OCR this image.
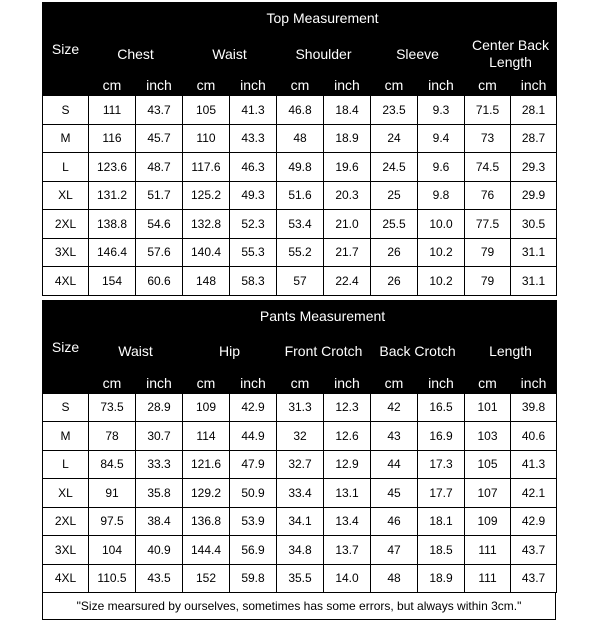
Size	Top Measurement									
	Chest		Waist		Shoulder		Sleeve		Center Back Length	
	cm	inch	cm	inch	cm	inch	cm	inch	cm	inch
S	111	43.7	105	41.3	46.8	18.4	23.5	9.3	71.5	28.1
M	116	45.7	110	43.3	48	18.9	24	9.4	73	28.7
L	123.6	48.7	117.6	46.3	49.8	19.6	24.5	9.6	74.5	29.3
XL	131.2	51.7	125.2	49.3	51.6	20.3	25	9.8	76	29.9
2XL	138.8	54.6	132.8	52.3	53.4	21.0	25.5	10.0	77.5	30.5
3XL	146.4	57.6	140.4	55.3	55.2	21.7	26	10.2	79	31.1
4XL	154	60.6	148	58.3	57	22.4	26	10.2	79	31.1
Size	Pants Measurement									
	Waist		Hip		Front Crotch		Back Crotch		Length	
	cm	inch	cm	inch	cm	inch	cm	inch	cm	inch
S	73.5	28.9	109	42.9	31.3	12.3	42	16.5	101	39.8
M	78	30.7	114	44.9	32	12.6	43	16.9	103	40.6
L	84.5	33.3	121.6	47.9	32.7	12.9	44	17.3	105	41.3
XL	91	35.8	129.2	50.9	33.4	13.1	45	17.7	107	42.1
2XL	97.5	38.4	136.8	53.9	34.1	13.4	46	18.1	109	42.9
3XL	104	40.9	144.4	56.9	34.8	13.7	47	18.5	111	43.7
4XL	110.5	43.5	152	59.8	35.5	14.0	48	18.9	111	43.7
"Size mearsured by ourselves, sometimes has some errors, but always within 3cm."
